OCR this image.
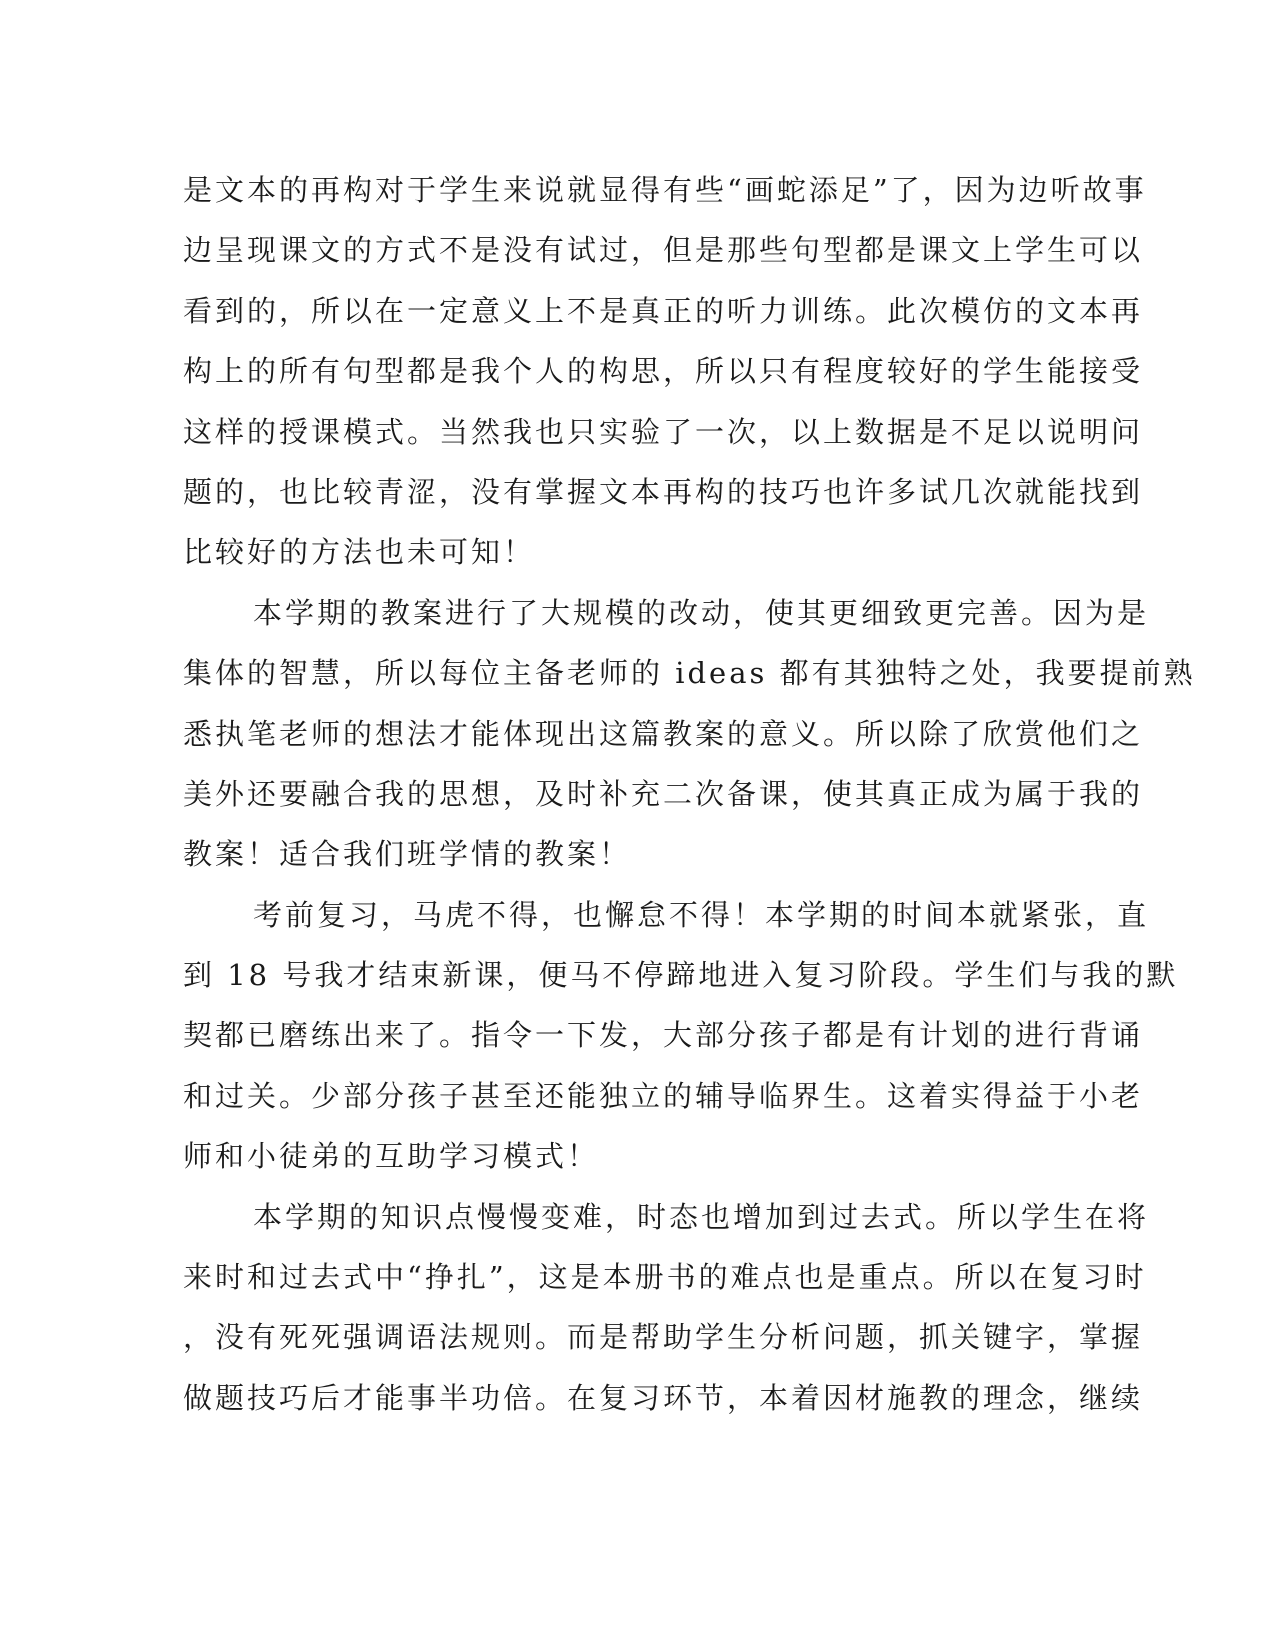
是文本的再构对于学生来说就显得有些“画蛇添足”了，因为边听故事
边呈现课文的方式不是没有试过，但是那些句型都是课文上学生可以
看到的，所以在一定意义上不是真正的听力训练。此次模仿的文本再
构上的所有句型都是我个人的构思，所以只有程度较好的学生能接受
这样的授课模式。当然我也只实验了一次，以上数据是不足以说明问
题的，也比较青涩，没有掌握文本再构的技巧也许多试几次就能找到
比较好的方法也未可知！
本学期的教案进行了大规模的改动，使其更细致更完善。因为是
集体的智慧，所以每位主备老师的 ideas 都有其独特之处，我要提前熟
悉执笔老师的想法才能体现出这篇教案的意义。所以除了欣赏他们之
美外还要融合我的思想，及时补充二次备课，使其真正成为属于我的
教案！适合我们班学情的教案！
考前复习，马虎不得，也懈怠不得！本学期的时间本就紧张，直
到 18 号我才结束新课，便马不停蹄地进入复习阶段。学生们与我的默
契都已磨练出来了。指令一下发，大部分孩子都是有计划的进行背诵
和过关。少部分孩子甚至还能独立的辅导临界生。这着实得益于小老
师和小徒弟的互助学习模式！
本学期的知识点慢慢变难，时态也增加到过去式。所以学生在将
来时和过去式中“挣扎”，这是本册书的难点也是重点。所以在复习时
，没有死死强调语法规则。而是帮助学生分析问题，抓关键字，掌握
做题技巧后才能事半功倍。在复习环节，本着因材施教的理念，继续
